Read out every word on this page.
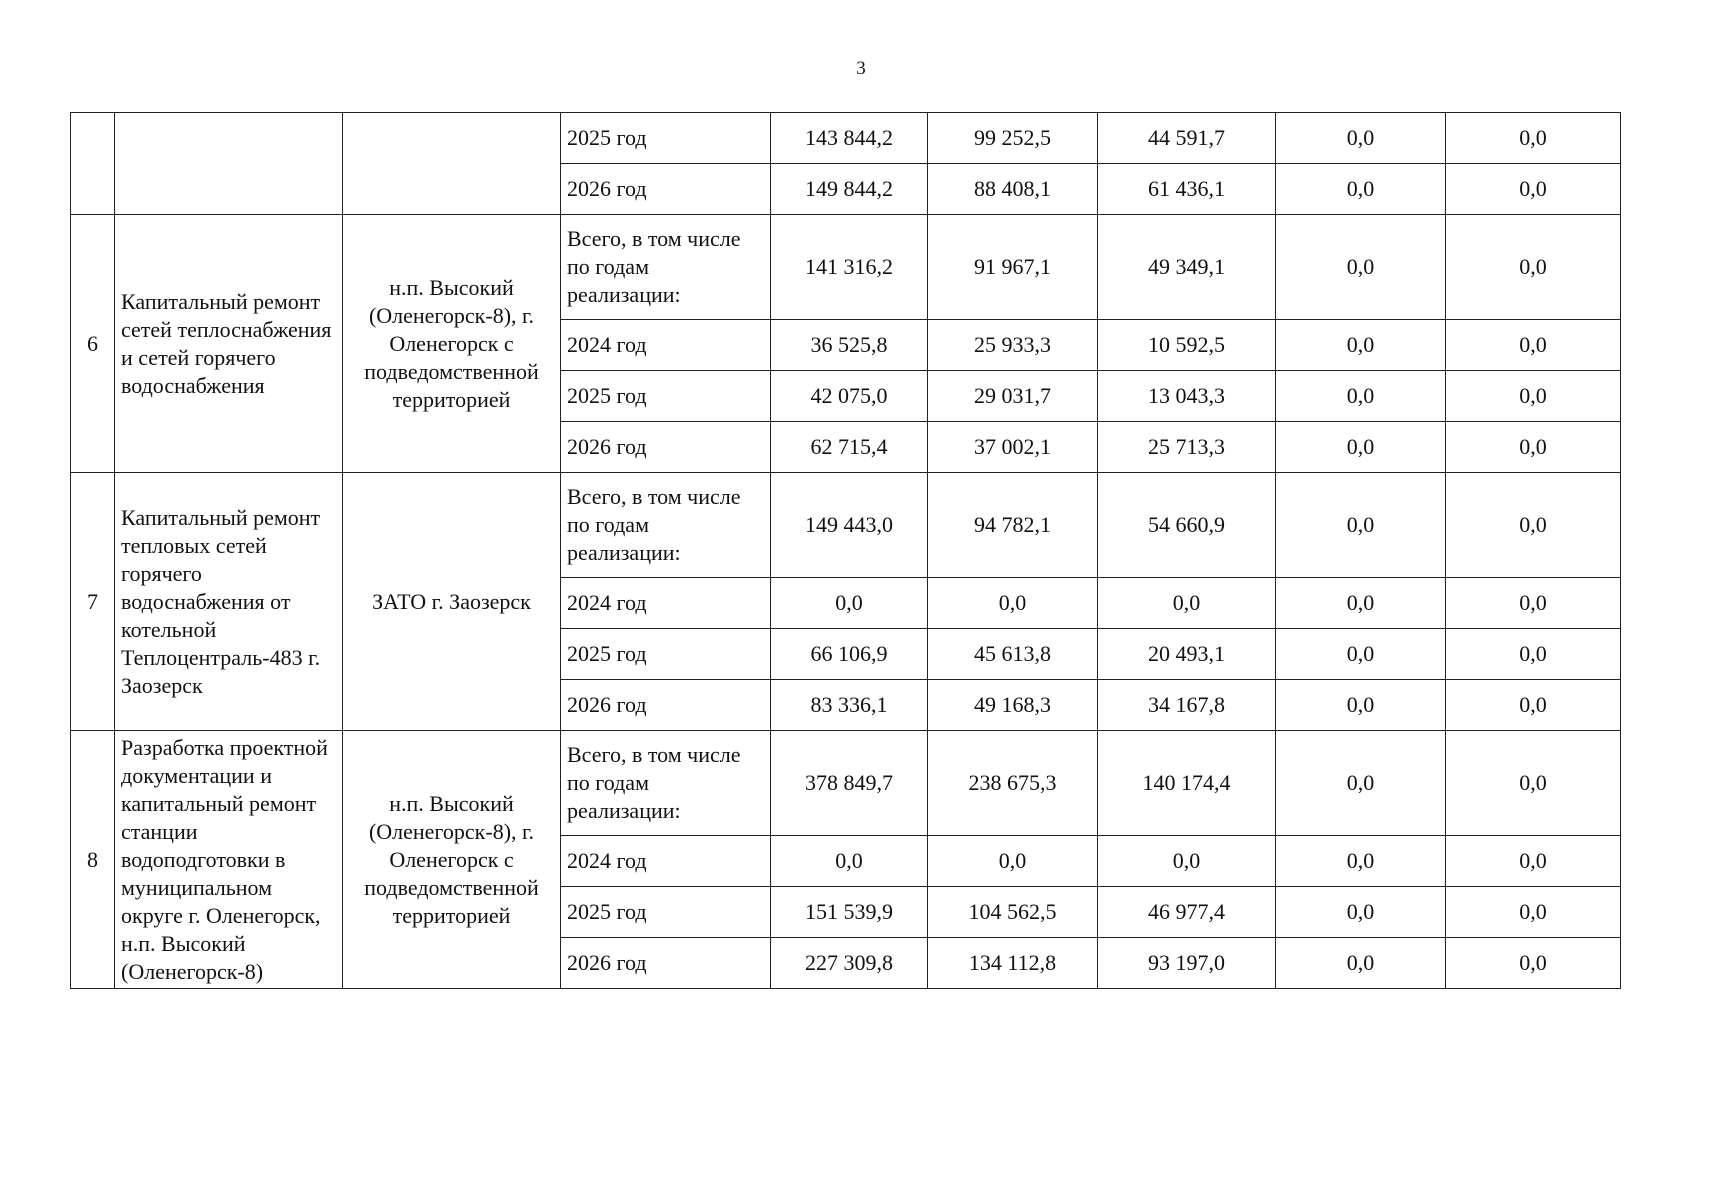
3
			2025 год	143 844,2	99 252,5	44 591,7	0,0	0,0
			2026 год	149 844,2	88 408,1	61 436,1	0,0	0,0
6	Капитальный ремонт сетей теплоснабжения и сетей горячего водоснабжения	н.п. Высокий (Оленегорск-8), г. Оленегорск с подведомственной территорией	Всего, в том числе по годам реализации:	141 316,2	91 967,1	49 349,1	0,0	0,0
			2024 год	36 525,8	25 933,3	10 592,5	0,0	0,0
			2025 год	42 075,0	29 031,7	13 043,3	0,0	0,0
			2026 год	62 715,4	37 002,1	25 713,3	0,0	0,0
7	Капитальный ремонт тепловых сетей горячего водоснабжения от котельной Теплоцентраль-483 г. Заозерск	ЗАТО г. Заозерск	Всего, в том числе по годам реализации:	149 443,0	94 782,1	54 660,9	0,0	0,0
			2024 год	0,0	0,0	0,0	0,0	0,0
			2025 год	66 106,9	45 613,8	20 493,1	0,0	0,0
			2026 год	83 336,1	49 168,3	34 167,8	0,0	0,0
8	Разработка проектной документации и капитальный ремонт станции водоподготовки в муниципальном округе г. Оленегорск, н.п. Высокий (Оленегорск-8)	н.п. Высокий (Оленегорск-8), г. Оленегорск с подведомственной территорией	Всего, в том числе по годам реализации:	378 849,7	238 675,3	140 174,4	0,0	0,0
			2024 год	0,0	0,0	0,0	0,0	0,0
			2025 год	151 539,9	104 562,5	46 977,4	0,0	0,0
			2026 год	227 309,8	134 112,8	93 197,0	0,0	0,0
